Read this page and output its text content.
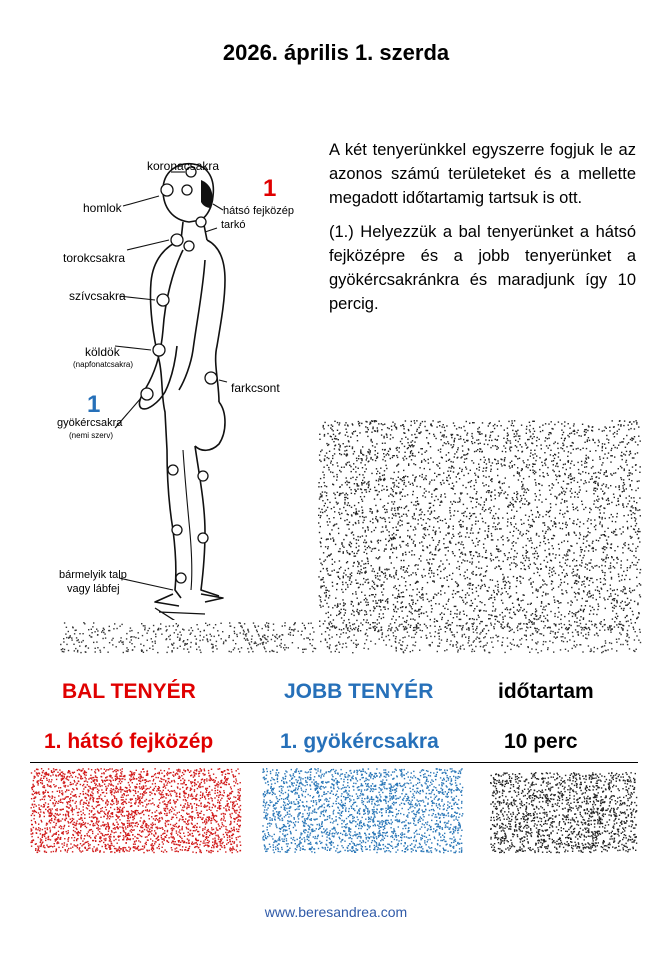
2026. április 1. szerda
koronacsakra
homlok	hátsó fejközép
tarkó
torokcsakra
szívcsakra
köldök
(napfonatcsakra)
farkcsont
gyökércsakra
(nemi szerv)
bármelyik talp
vagy lábfej
1
1

A két tenyerünkkel egyszerre fogjuk le az azonos számú területeket és a mellette megadott időtartamig tartsuk is ott.

(1.) Helyezzük a bal tenyerünket a hátsó fejközépre és a jobb tenyerünket a gyökércsakránkra és maradjunk így 10 percig.

BAL TENYÉR	JOBB TENYÉR	időtartam
1. hátsó fejközép	1. gyökércsakra	10 perc
www.beresandrea.com
